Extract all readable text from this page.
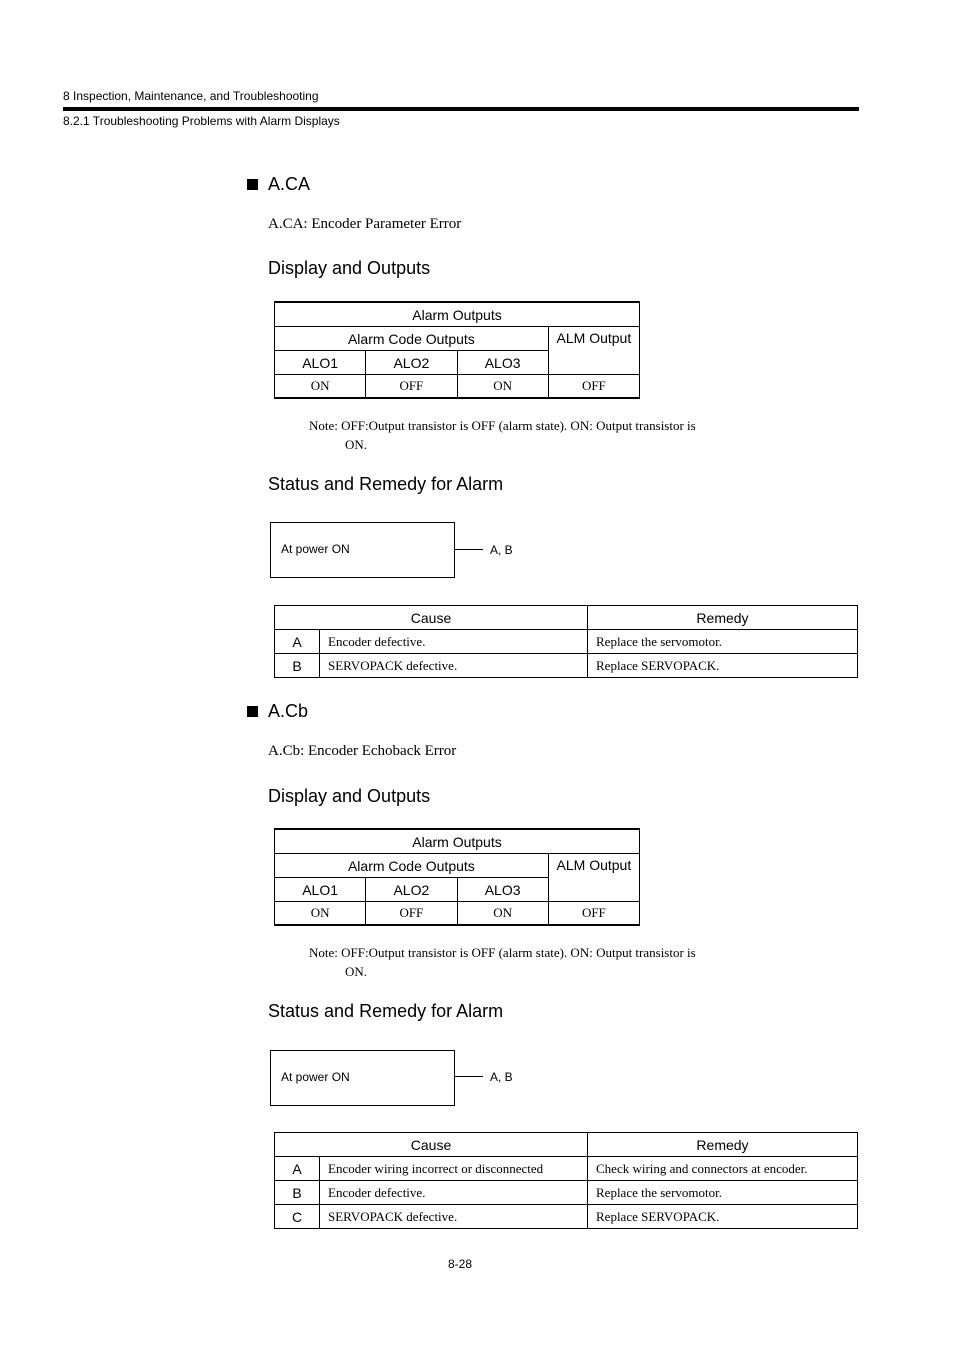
8 Inspection, Maintenance, and Troubleshooting
8.2.1 Troubleshooting Problems with Alarm Displays
A.CA
A.CA: Encoder Parameter Error
Display and Outputs
Alarm Outputs			
Alarm Code Outputs			ALM Output
ALO1	ALO2	ALO3	
ON	OFF	ON	OFF
Note: OFF:Output transistor is OFF (alarm state). ON: Output transistor is
ON.
Status and Remedy for Alarm
At power ON	A, B
Cause		Remedy
A	Encoder defective.	Replace the servomotor.
B	SERVOPACK defective.	Replace SERVOPACK.
A.Cb
A.Cb: Encoder Echoback Error
Display and Outputs
Alarm Outputs			
Alarm Code Outputs			ALM Output
ALO1	ALO2	ALO3	
ON	OFF	ON	OFF
Note: OFF:Output transistor is OFF (alarm state). ON: Output transistor is
ON.
Status and Remedy for Alarm
At power ON	A, B
Cause		Remedy
A	Encoder wiring incorrect or disconnected	Check wiring and connectors at encoder.
B	Encoder defective.	Replace the servomotor.
C	SERVOPACK defective.	Replace SERVOPACK.
8-28
